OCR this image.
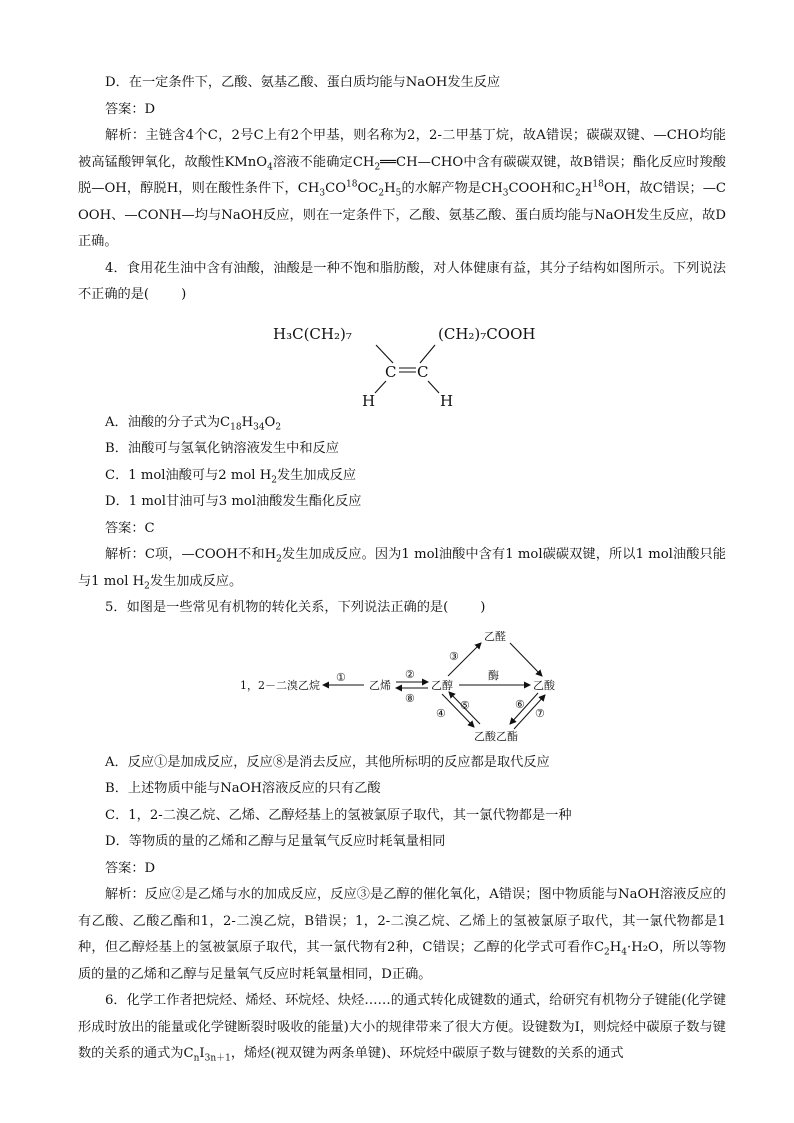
D．在一定条件下，乙酸、氨基乙酸、蛋白质均能与NaOH发生反应

答案：D

解析：主链含4个C，2号C上有2个甲基，则名称为2，2-二甲基丁烷，故A错误；碳碳双键、—CHO均能被高锰酸钾氧化，故酸性KMnO$_4$溶液不能确定$CH_2══CH—CHO$中含有碳碳双键，故B错误；酯化反应时羧酸脱—OH，醇脱H，则在酸性条件下，$CH_3CO^{18}OC_2H_5$的水解产物是$CH_3COOH$和$C_2H^{18}OH$，故C错误；—COOH、—CONH—均与NaOH反应，则在一定条件下，乙酸、氨基乙酸、蛋白质均能与NaOH发生反应，故D正确。

4．食用花生油中含有油酸，油酸是一种不饱和脂肪酸，对人体健康有益，其分子结构如图所示。下列说法不正确的是( )

H₃C(CH₂)₇	(CH₂)₇COOH
C C
H	H

A．油酸的分子式为$C_{18}H_{34}O_2$

B．油酸可与氢氧化钠溶液发生中和反应

C．1 mol油酸可与2 mol $H_2$发生加成反应

D．1 mol甘油可与3 mol油酸发生酯化反应

答案：C

解析：C项，—COOH不和$H_2$发生加成反应。因为1 mol油酸中含有1 mol碳碳双键，所以1 mol油酸只能与1 mol $H_2$发生加成反应。

5．如图是一些常见有机物的转化关系，下列说法正确的是( )

1，2－二溴乙烷	乙烯	乙醇
乙醛
乙酸
乙酸乙酯
①	②
⑧
③
酶
④
⑤	⑥
⑦

A．反应①是加成反应，反应⑧是消去反应，其他所标明的反应都是取代反应

B．上述物质中能与NaOH溶液反应的只有乙酸

C．1，2-二溴乙烷、乙烯、乙醇烃基上的氢被氯原子取代，其一氯代物都是一种

D．等物质的量的乙烯和乙醇与足量氧气反应时耗氧量相同

答案：D

解析：反应②是乙烯与水的加成反应，反应③是乙醇的催化氧化，A错误；图中物质能与NaOH溶液反应的有乙酸、乙酸乙酯和1，2-二溴乙烷，B错误；1，2-二溴乙烷、乙烯上的氢被氯原子取代，其一氯代物都是1种，但乙醇烃基上的氢被氯原子取代，其一氯代物有2种，C错误；乙醇的化学式可看作$C_2H_4\cdot H_2O$，所以等物质的量的乙烯和乙醇与足量氧气反应时耗氧量相同，D正确。

6．化学工作者把烷烃、烯烃、环烷烃、炔烃……的通式转化成键数的通式，给研究有机物分子键能(化学键形成时放出的能量或化学键断裂时吸收的能量)大小的规律带来了很大方便。设键数为I，则烷烃中碳原子数与键数的关系的通式为$C_nI_{3n+1}$，烯烃(视双键为两条单键)、环烷烃中碳原子数与键数的关系的通式
